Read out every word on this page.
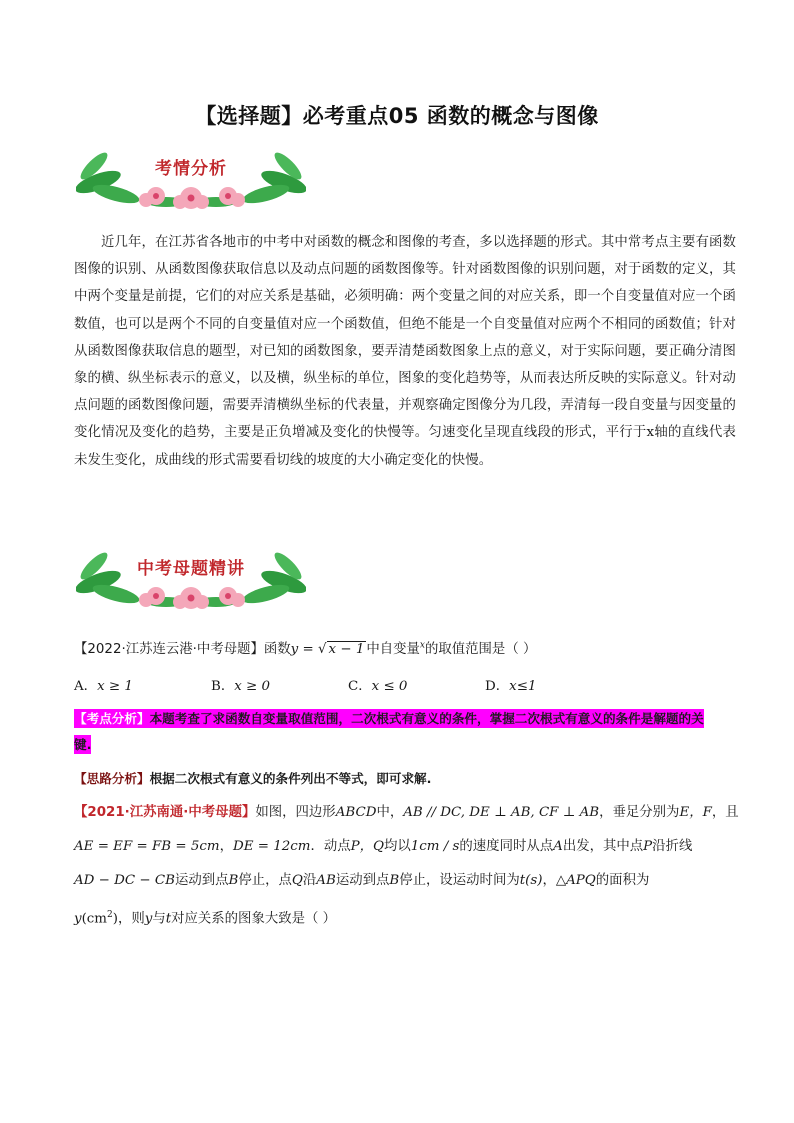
【选择题】必考重点05 函数的概念与图像
考情分析
近几年，在江苏省各地市的中考中对函数的概念和图像的考查，多以选择题的形式。其中常考点主要有函数图像的识别、从函数图像获取信息以及动点问题的函数图像等。针对函数图像的识别问题，对于函数的定义，其中两个变量是前提，它们的对应关系是基础，必须明确：两个变量之间的对应关系，即一个自变量值对应一个函数值，也可以是两个不同的自变量值对应一个函数值，但绝不能是一个自变量值对应两个不相同的函数值；针对从函数图像获取信息的题型，对已知的函数图象，要弄清楚函数图象上点的意义，对于实际问题，要正确分清图象的横、纵坐标表示的意义，以及横，纵坐标的单位，图象的变化趋势等，从而表达所反映的实际意义。针对动点问题的函数图像问题，需要弄清横纵坐标的代表量，并观察确定图像分为几段，弄清每一段自变量与因变量的变化情况及变化的趋势，主要是正负增减及变化的快慢等。匀速变化呈现直线段的形式，平行于x轴的直线代表未发生变化，成曲线的形式需要看切线的坡度的大小确定变化的快慢。
中考母题精讲
【2022·江苏连云港·中考母题】函数y = √ x − 1 中自变量$^x$的取值范围是（ ）
A．x ≥ 1	B．x ≥ 0	C．x ≤ 0	D．x≤1
【考点分析】本题考查了求函数自变量取值范围，二次根式有意义的条件，掌握二次根式有意义的条件是解题的关键.
【思路分析】根据二次根式有意义的条件列出不等式，即可求解.
【2021·江苏南通·中考母题】如图，四边形ABCD中，AB // DC, DE ⊥ AB, CF ⊥ AB，垂足分别为E，F，且
AE = EF = FB = 5cm，DE = 12cm．动点P，Q均以1cm / s的速度同时从点A出发，其中点P沿折线
AD − DC − CB运动到点B停止，点Q沿AB运动到点B停止，设运动时间为t(s)，△APQ的面积为
$y(cm^2)$，则y与t对应关系的图象大致是（ ）
